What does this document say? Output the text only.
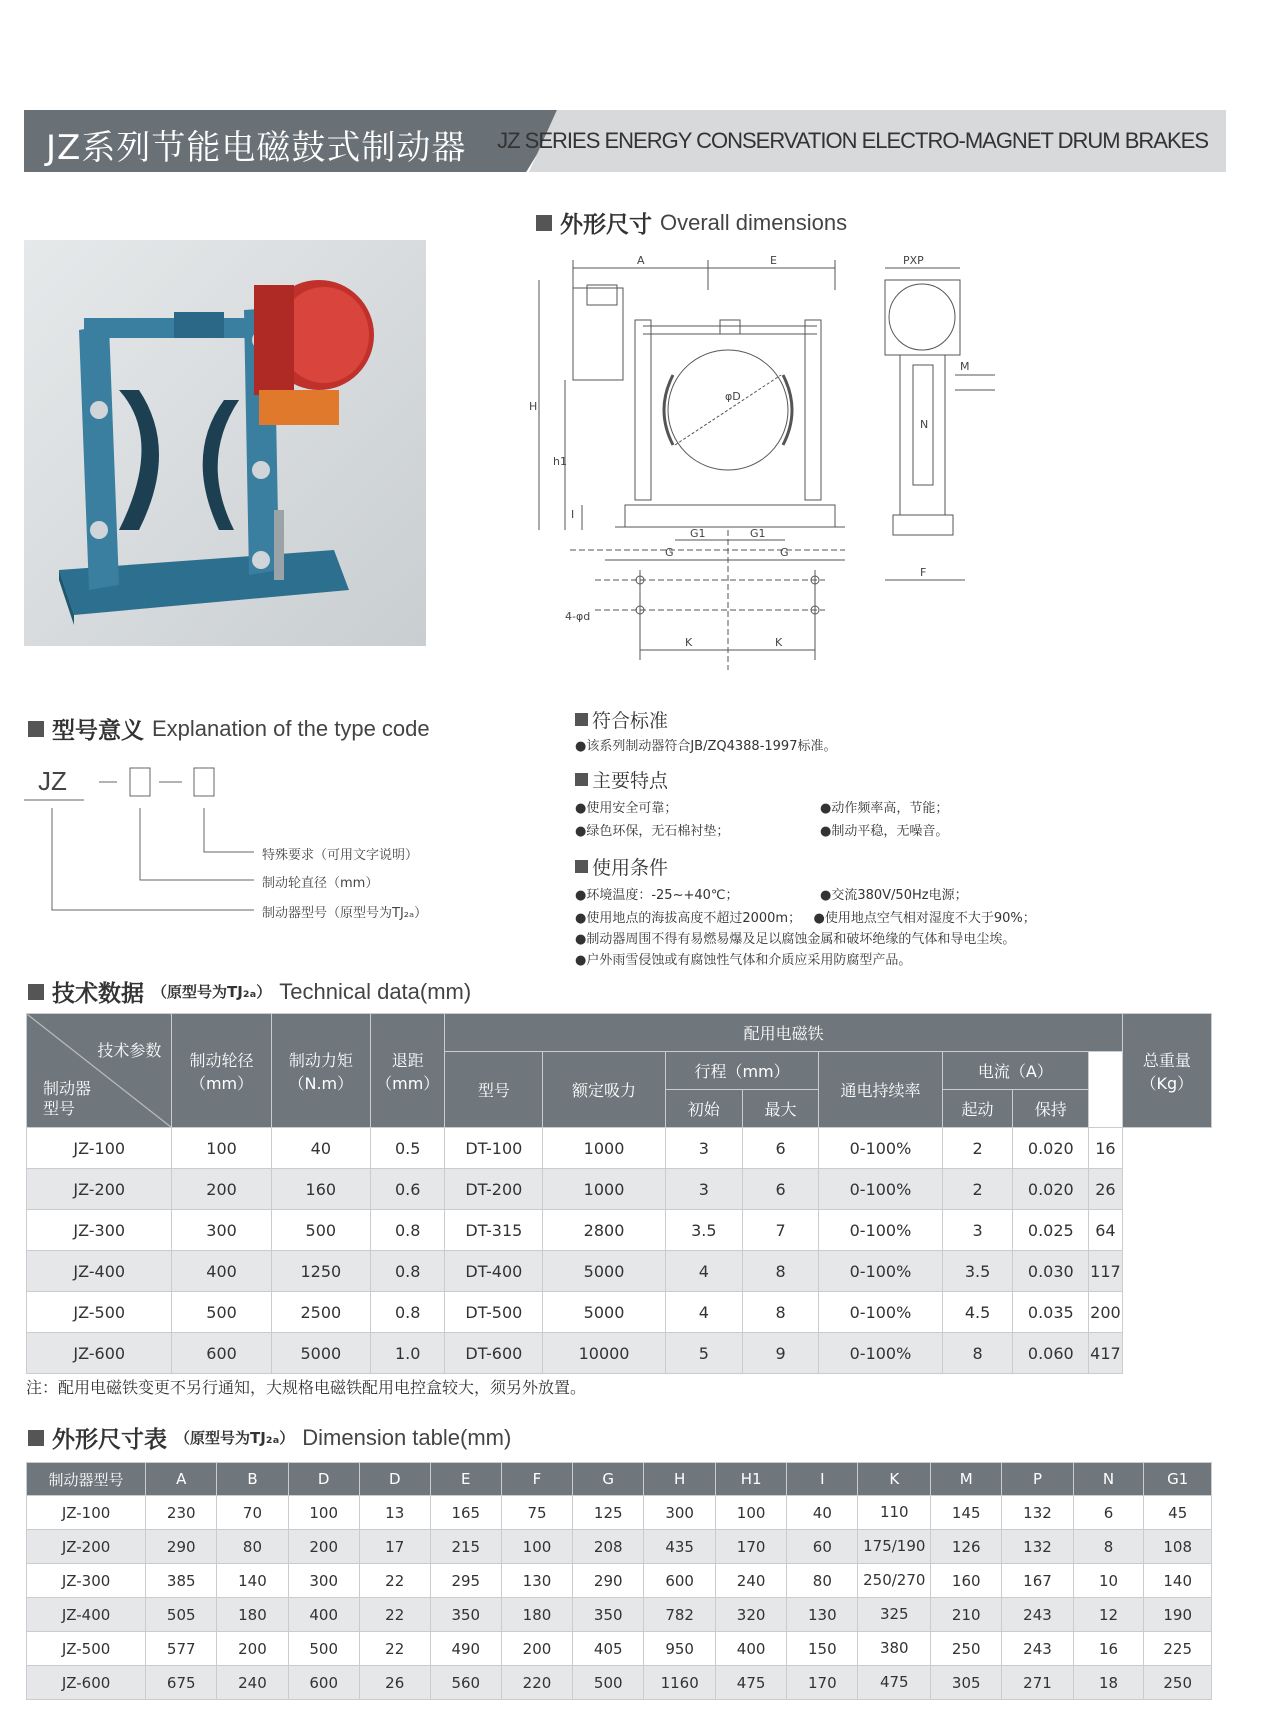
JZ系列节能电磁鼓式制动器 JZ SERIES ENERGY CONSERVATION ELECTRO-MAGNET DRUM BRAKES
外形尺寸 Overall dimensions
A	E	PXP
H
h1
I
φD
G1	G1
G	G
K	K
4-φd
M
N
F
型号意义 Explanation of the type code
JZ
特殊要求（可用文字说明）
制动轮直径（mm）
制动器型号（原型号为TJ₂ₐ）
符合标准
●该系列制动器符合JB/ZQ4388-1997标准。
主要特点
●使用安全可靠；	●动作频率高，节能；
●绿色环保，无石棉衬垫；	●制动平稳，无噪音。
使用条件
●环境温度：-25~+40℃；	●交流380V/50Hz电源；
●使用地点的海拔高度不超过2000m； ●使用地点空气相对湿度不大于90%；
●制动器周围不得有易燃易爆及足以腐蚀金属和破坏绝缘的气体和导电尘埃。
●户外雨雪侵蚀或有腐蚀性气体和介质应采用防腐型产品。
技术数据 （原型号为TJ₂ₐ） Technical data(mm)
技术参数
制动器型号	制动轮径（mm）	制动力矩（N.m）	退距（mm）	配用电磁铁								总重量（Kg）
				型号	额定吸力	行程（mm）		通电持续率	电流（A）			
						初始	最大		起动	保持		
JZ-100	100	40	0.5	DT-100	1000	3	6	0-100%	2	0.020	16	
JZ-200	200	160	0.6	DT-200	1000	3	6	0-100%	2	0.020	26	
JZ-300	300	500	0.8	DT-315	2800	3.5	7	0-100%	3	0.025	64	
JZ-400	400	1250	0.8	DT-400	5000	4	8	0-100%	3.5	0.030	117	
JZ-500	500	2500	0.8	DT-500	5000	4	8	0-100%	4.5	0.035	200	
JZ-600	600	5000	1.0	DT-600	10000	5	9	0-100%	8	0.060	417	
注：配用电磁铁变更不另行通知，大规格电磁铁配用电控盒较大，须另外放置。
外形尺寸表 （原型号为TJ₂ₐ） Dimension table(mm)
制动器型号	A	B	D	D	E	F	G	H	H1	I	K	M	P	N	G1
JZ-100	230	70	100	13	165	75	125	300	100	40	110	145	132	6	45
JZ-200	290	80	200	17	215	100	208	435	170	60	175/190	126	132	8	108
JZ-300	385	140	300	22	295	130	290	600	240	80	250/270	160	167	10	140
JZ-400	505	180	400	22	350	180	350	782	320	130	325	210	243	12	190
JZ-500	577	200	500	22	490	200	405	950	400	150	380	250	243	16	225
JZ-600	675	240	600	26	560	220	500	1160	475	170	475	305	271	18	250
